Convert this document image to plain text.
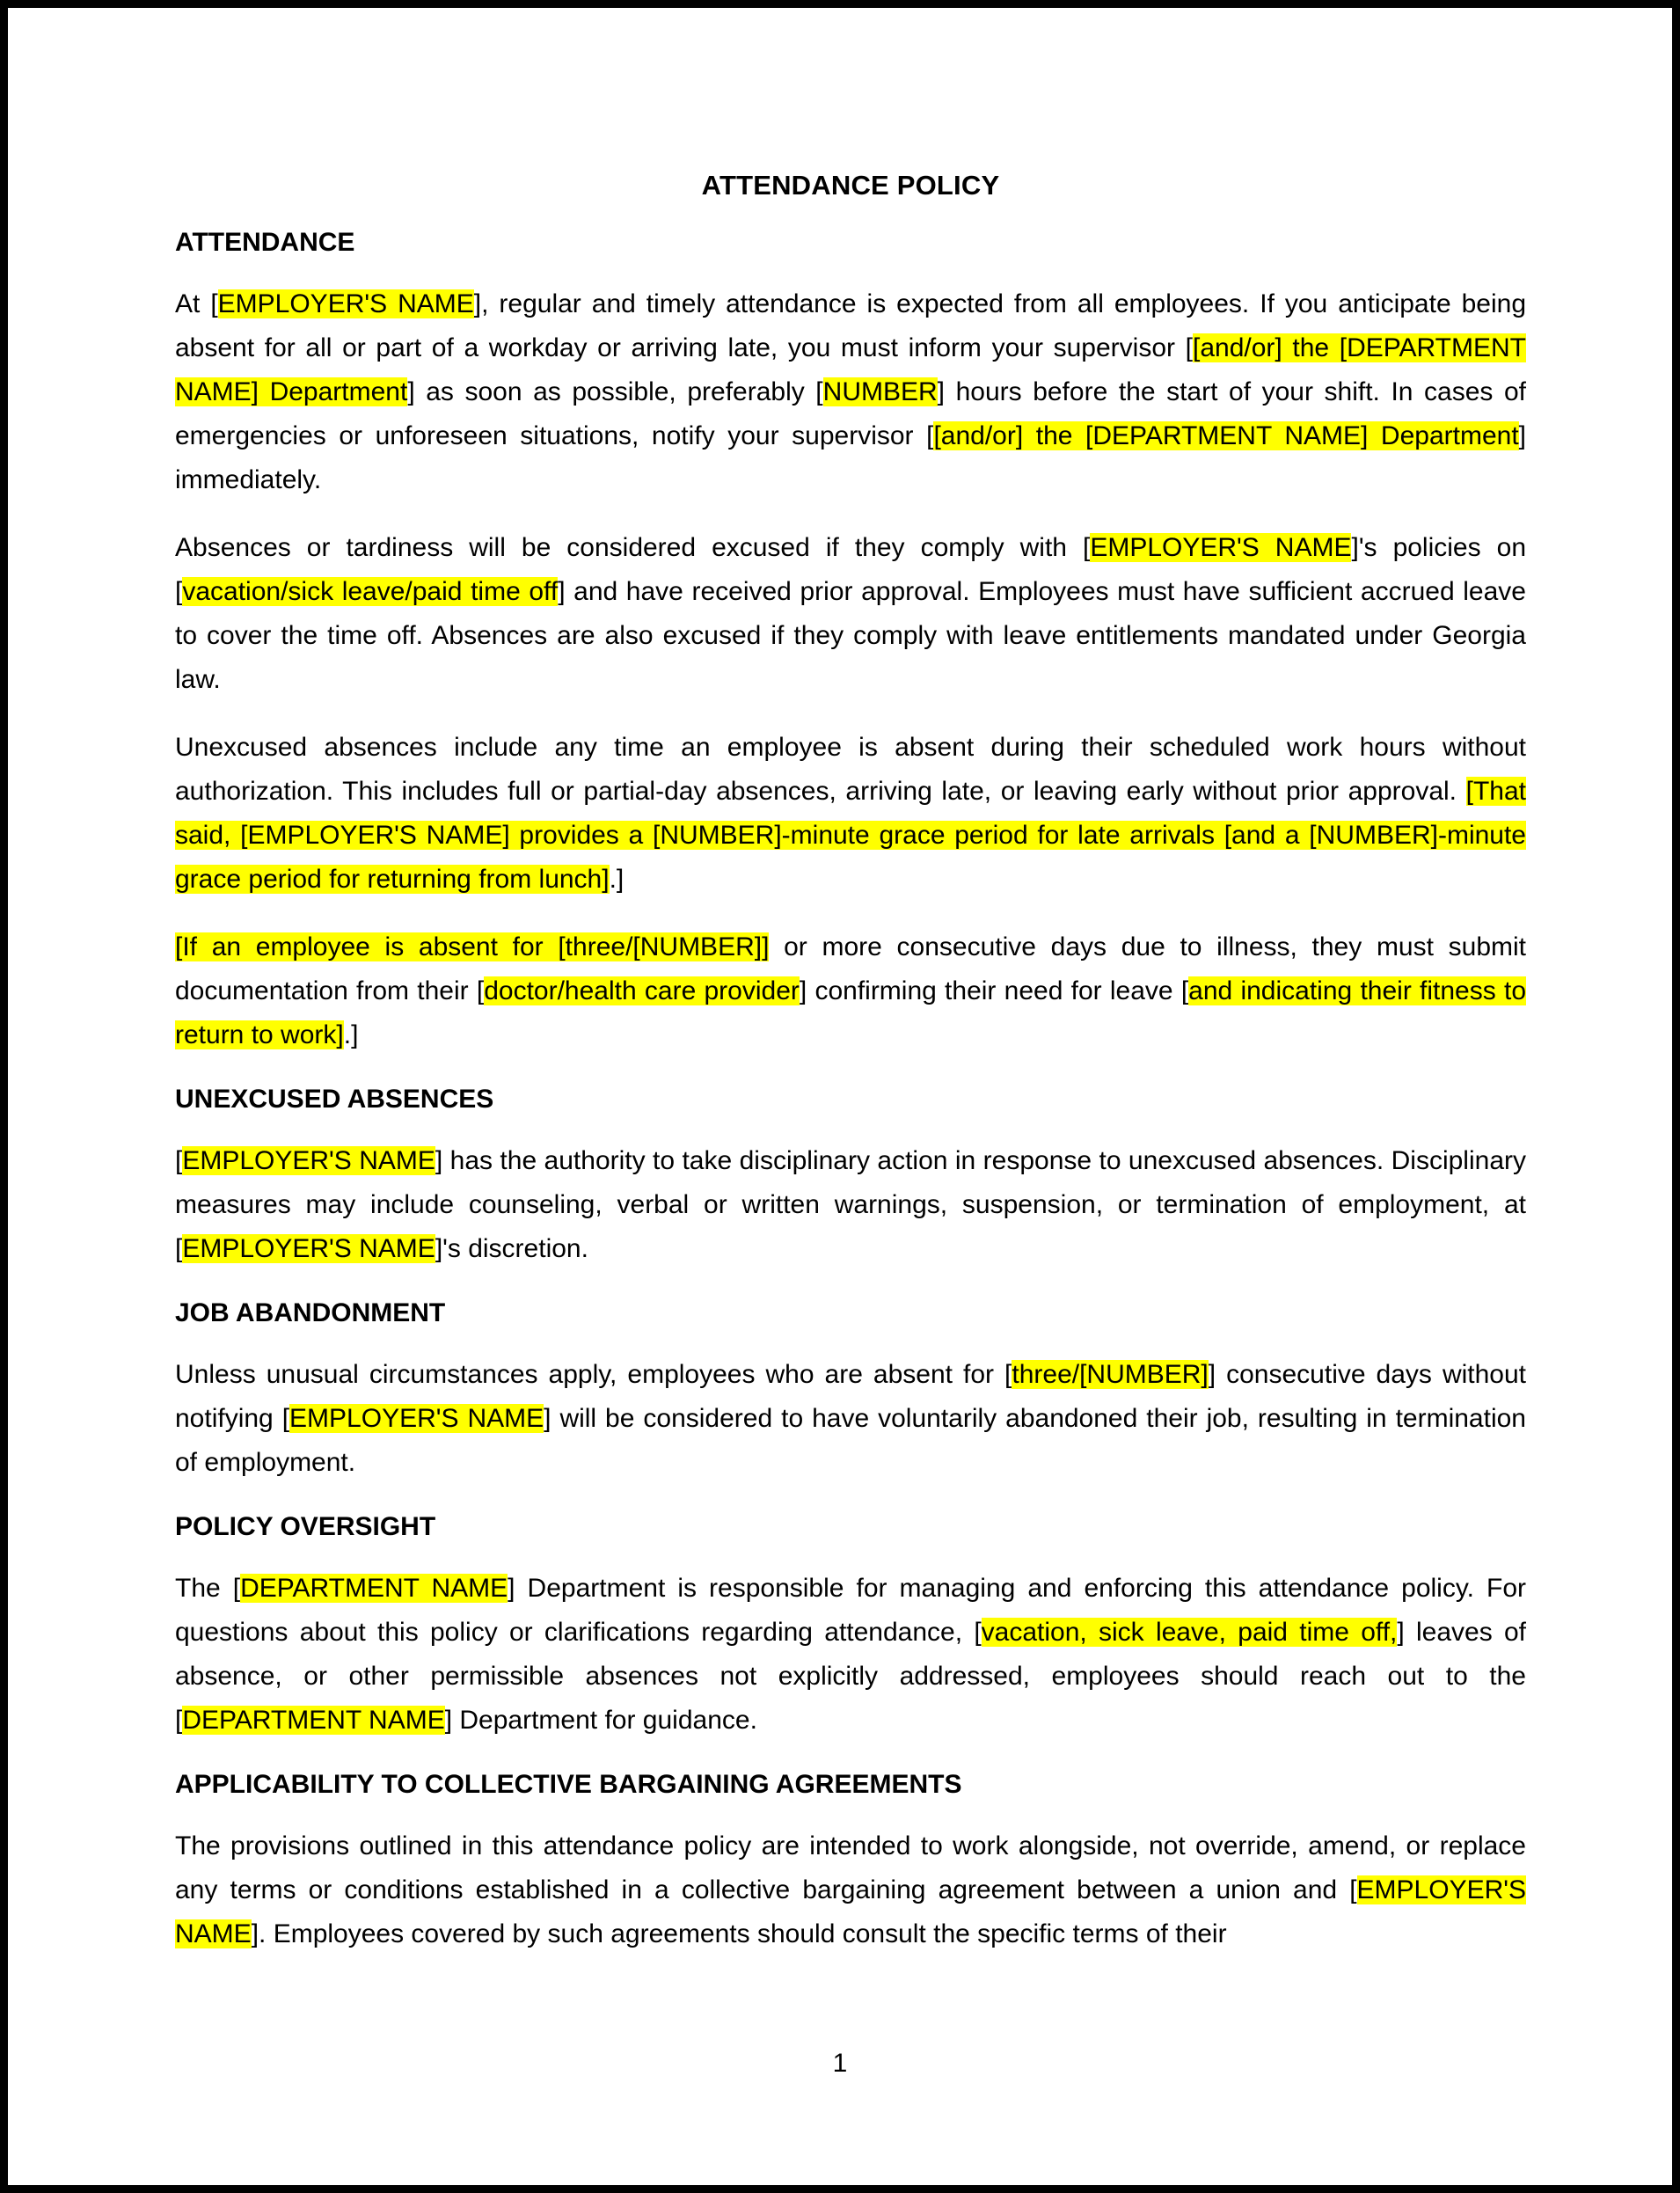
ATTENDANCE POLICY
ATTENDANCE

At [EMPLOYER'S NAME], regular and timely attendance is expected from all employees. If you anticipate being absent for all or part of a workday or arriving late, you must inform your supervisor [[and/or] the [DEPARTMENT NAME] Department] as soon as possible, preferably [NUMBER] hours before the start of your shift. In cases of emergencies or unforeseen situations, notify your supervisor [[and/or] the [DEPARTMENT NAME] Department] immediately.

Absences or tardiness will be considered excused if they comply with [EMPLOYER'S NAME]'s policies on [vacation/sick leave/paid time off] and have received prior approval. Employees must have sufficient accrued leave to cover the time off. Absences are also excused if they comply with leave entitlements mandated under Georgia law.

Unexcused absences include any time an employee is absent during their scheduled work hours without authorization. This includes full or partial-day absences, arriving late, or leaving early without prior approval. [That said, [EMPLOYER'S NAME] provides a [NUMBER]-minute grace period for late arrivals [and a [NUMBER]-minute grace period for returning from lunch].]

[If an employee is absent for [three/[NUMBER]] or more consecutive days due to illness, they must submit documentation from their [doctor/health care provider] confirming their need for leave [and indicating their fitness to return to work].]

UNEXCUSED ABSENCES

[EMPLOYER'S NAME] has the authority to take disciplinary action in response to unexcused absences. Disciplinary measures may include counseling, verbal or written warnings, suspension, or termination of employment, at [EMPLOYER'S NAME]'s discretion.

JOB ABANDONMENT

Unless unusual circumstances apply, employees who are absent for [three/[NUMBER]] consecutive days without notifying [EMPLOYER'S NAME] will be considered to have voluntarily abandoned their job, resulting in termination of employment.

POLICY OVERSIGHT

The [DEPARTMENT NAME] Department is responsible for managing and enforcing this attendance policy. For questions about this policy or clarifications regarding attendance, [vacation, sick leave, paid time off,] leaves of absence, or other permissible absences not explicitly addressed, employees should reach out to the [DEPARTMENT NAME] Department for guidance.

APPLICABILITY TO COLLECTIVE BARGAINING AGREEMENTS

The provisions outlined in this attendance policy are intended to work alongside, not override, amend, or replace any terms or conditions established in a collective bargaining agreement between a union and [EMPLOYER'S NAME]. Employees covered by such agreements should consult the specific terms of their

1
